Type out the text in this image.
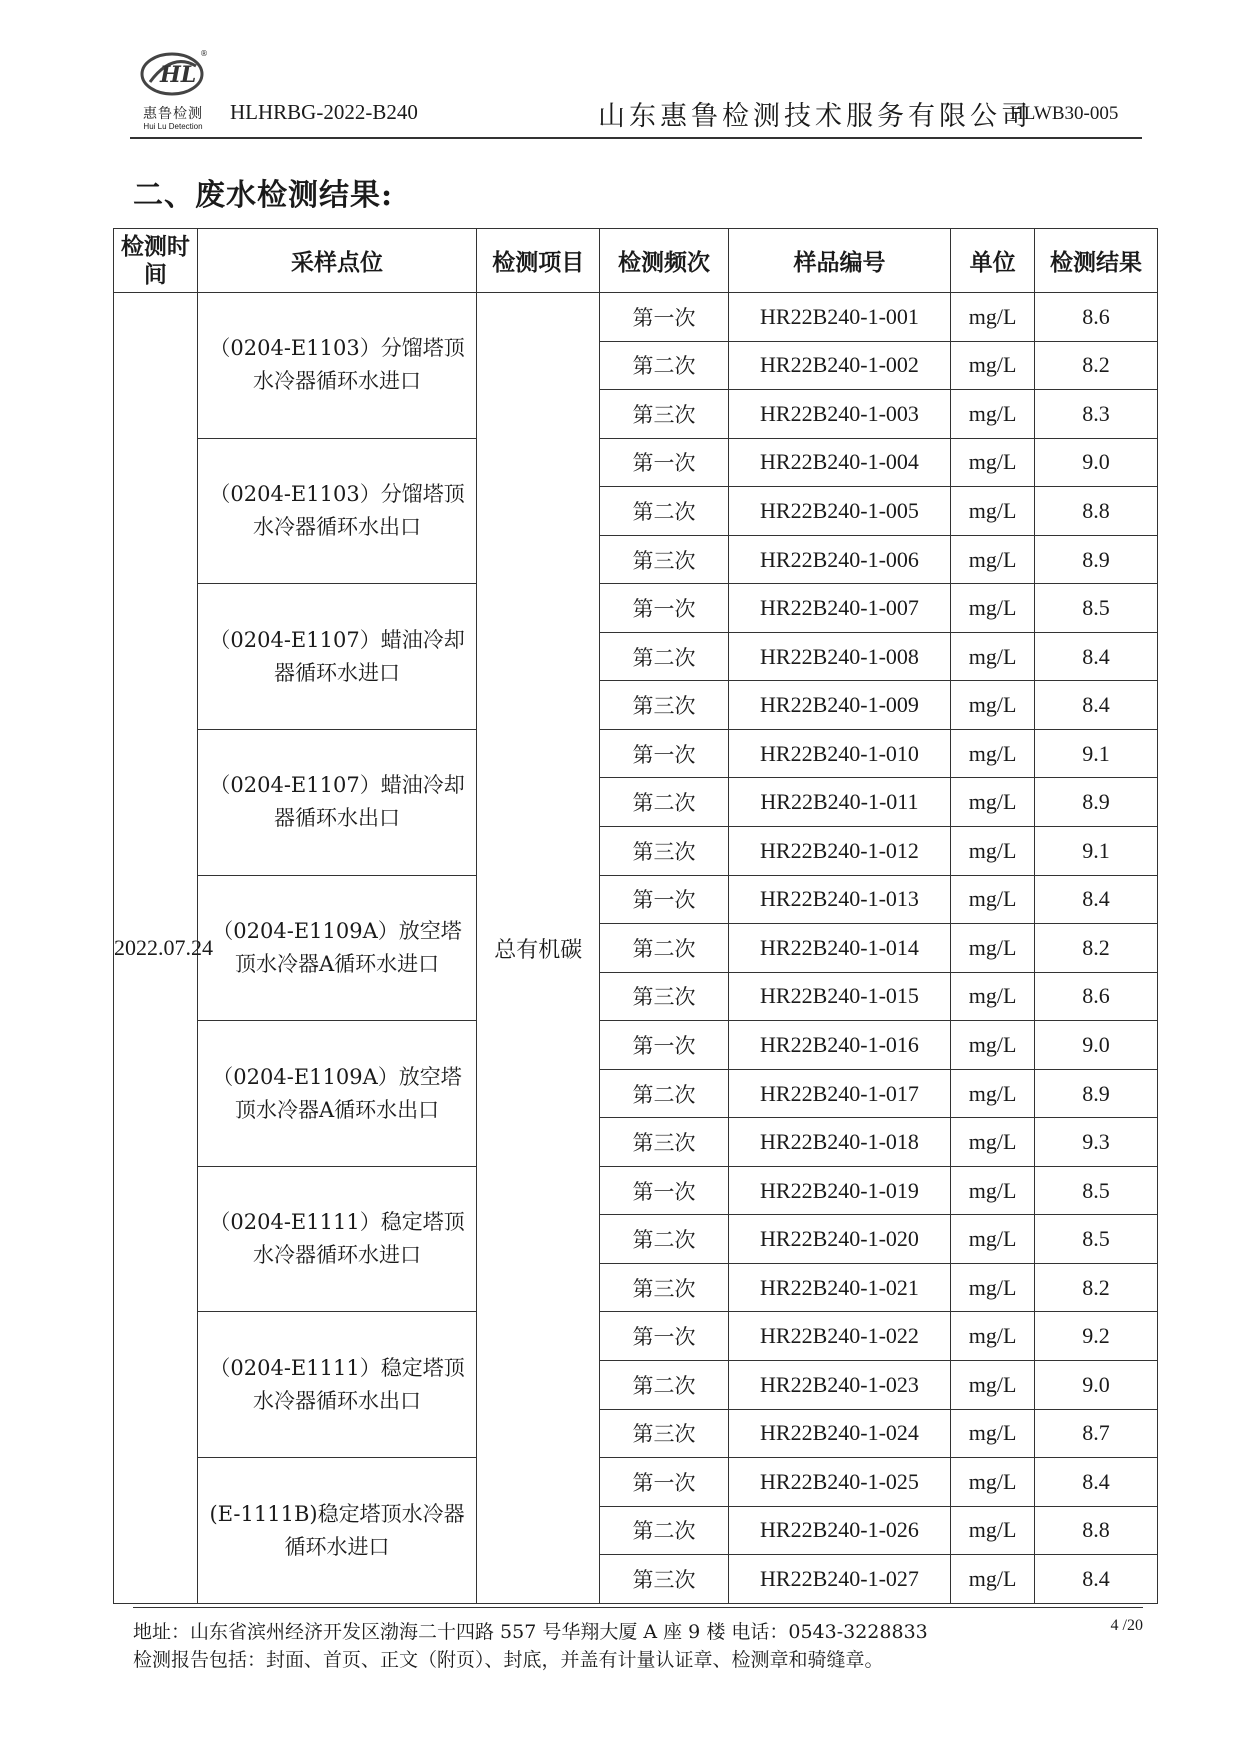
HL
®
惠鲁检测
Hui Lu Detection
HLHRBG-2022-B240	山东惠鲁检测技术服务有限公司
HLWB30-005
二、废水检测结果:
检测时间	采样点位	检测项目	检测频次	样品编号	单位	检测结果
2022.07.24	（0204-E1103）分馏塔顶水冷器循环水进口	总有机碳	第一次	HR22B240-1-001	mg/L	8.6
			第二次	HR22B240-1-002	mg/L	8.2
			第三次	HR22B240-1-003	mg/L	8.3
	（0204-E1103）分馏塔顶水冷器循环水出口		第一次	HR22B240-1-004	mg/L	9.0
			第二次	HR22B240-1-005	mg/L	8.8
			第三次	HR22B240-1-006	mg/L	8.9
	（0204-E1107）蜡油冷却器循环水进口		第一次	HR22B240-1-007	mg/L	8.5
			第二次	HR22B240-1-008	mg/L	8.4
			第三次	HR22B240-1-009	mg/L	8.4
	（0204-E1107）蜡油冷却器循环水出口		第一次	HR22B240-1-010	mg/L	9.1
			第二次	HR22B240-1-011	mg/L	8.9
			第三次	HR22B240-1-012	mg/L	9.1
	（0204-E1109A）放空塔顶水冷器A循环水进口		第一次	HR22B240-1-013	mg/L	8.4
			第二次	HR22B240-1-014	mg/L	8.2
			第三次	HR22B240-1-015	mg/L	8.6
	（0204-E1109A）放空塔顶水冷器A循环水出口		第一次	HR22B240-1-016	mg/L	9.0
			第二次	HR22B240-1-017	mg/L	8.9
			第三次	HR22B240-1-018	mg/L	9.3
	（0204-E1111）稳定塔顶水冷器循环水进口		第一次	HR22B240-1-019	mg/L	8.5
			第二次	HR22B240-1-020	mg/L	8.5
			第三次	HR22B240-1-021	mg/L	8.2
	（0204-E1111）稳定塔顶水冷器循环水出口		第一次	HR22B240-1-022	mg/L	9.2
			第二次	HR22B240-1-023	mg/L	9.0
			第三次	HR22B240-1-024	mg/L	8.7
	(E-1111B)稳定塔顶水冷器循环水进口		第一次	HR22B240-1-025	mg/L	8.4
			第二次	HR22B240-1-026	mg/L	8.8
			第三次	HR22B240-1-027	mg/L	8.4
地址：山东省滨州经济开发区渤海二十四路 557 号华翔大厦 A 座 9 楼 电话：0543-3228833	4 /20
检测报告包括：封面、首页、正文（附页）、封底，并盖有计量认证章、检测章和骑缝章。
